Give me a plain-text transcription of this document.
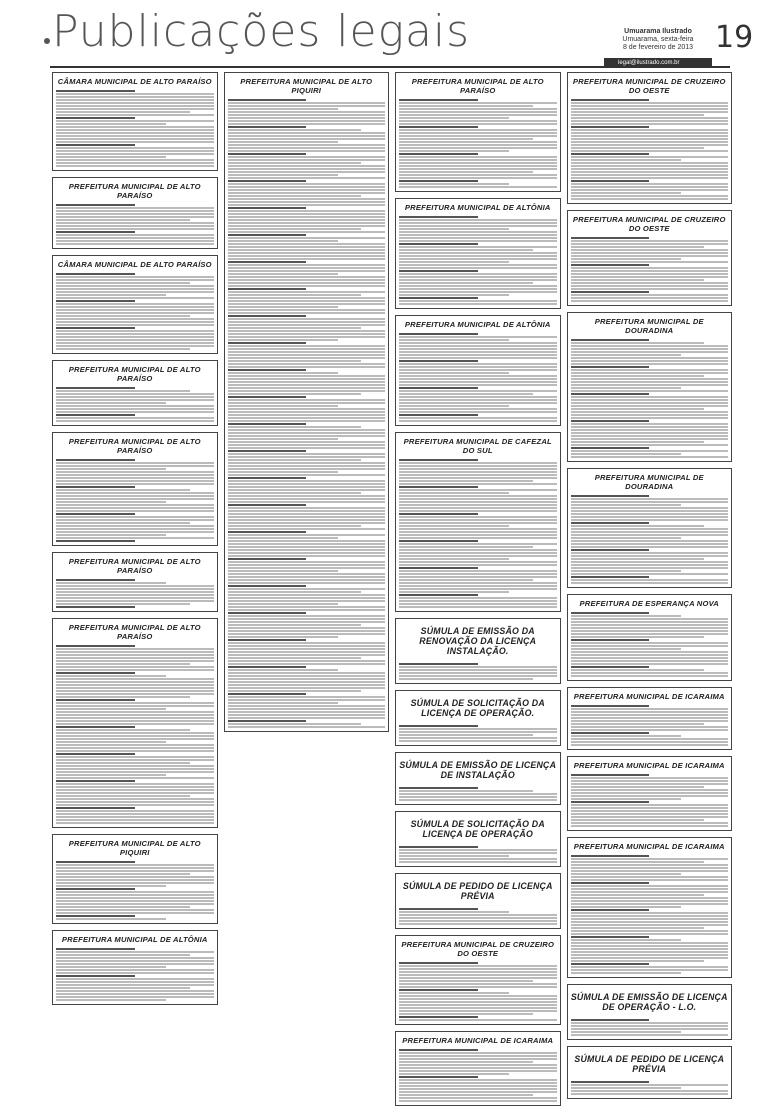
Publicações legais	Umuarama Ilustrado
Umuarama, sexta-feira
8 de fevereiro de 2013 19
legal@ilustrado.com.br
CÂMARA MUNICIPAL DE ALTO PARAÍSO
PREFEITURA MUNICIPAL DE ALTO PARAÍSO
CÂMARA MUNICIPAL DE ALTO PARAÍSO
PREFEITURA MUNICIPAL DE ALTO PARAÍSO
PREFEITURA MUNICIPAL DE ALTO PARAÍSO
PREFEITURA MUNICIPAL DE ALTO PARAÍSO
PREFEITURA MUNICIPAL DE ALTO PARAÍSO
PREFEITURA MUNICIPAL DE ALTO PIQUIRI
PREFEITURA MUNICIPAL DE ALTÔNIA
PREFEITURA MUNICIPAL DE ALTO PIQUIRI
PREFEITURA MUNICIPAL DE ALTO PARAÍSO
PREFEITURA MUNICIPAL DE ALTÔNIA
PREFEITURA MUNICIPAL DE ALTÔNIA
PREFEITURA MUNICIPAL DE CAFEZAL DO SUL
SÚMULA DE EMISSÃO DA RENOVAÇÃO DA LICENÇA INSTALAÇÃO.
SÚMULA DE SOLICITAÇÃO DA LICENÇA DE OPERAÇÃO.
SÚMULA DE EMISSÃO DE LICENÇA DE INSTALAÇÃO
SÚMULA DE SOLICITAÇÃO DA LICENÇA DE OPERAÇÃO
SÚMULA DE PEDIDO DE LICENÇA PRÉVIA
PREFEITURA MUNICIPAL DE CRUZEIRO DO OESTE
PREFEITURA MUNICIPAL DE ICARAIMA
PREFEITURA MUNICIPAL DE CRUZEIRO DO OESTE
PREFEITURA MUNICIPAL DE CRUZEIRO DO OESTE
PREFEITURA MUNICIPAL DE DOURADINA
PREFEITURA MUNICIPAL DE DOURADINA
PREFEITURA DE ESPERANÇA NOVA
PREFEITURA MUNICIPAL DE ICARAIMA
PREFEITURA MUNICIPAL DE ICARAIMA
PREFEITURA MUNICIPAL DE ICARAIMA
SÚMULA DE EMISSÃO DE LICENÇA DE OPERAÇÃO - L.O.
SÚMULA DE PEDIDO DE LICENÇA PRÉVIA
